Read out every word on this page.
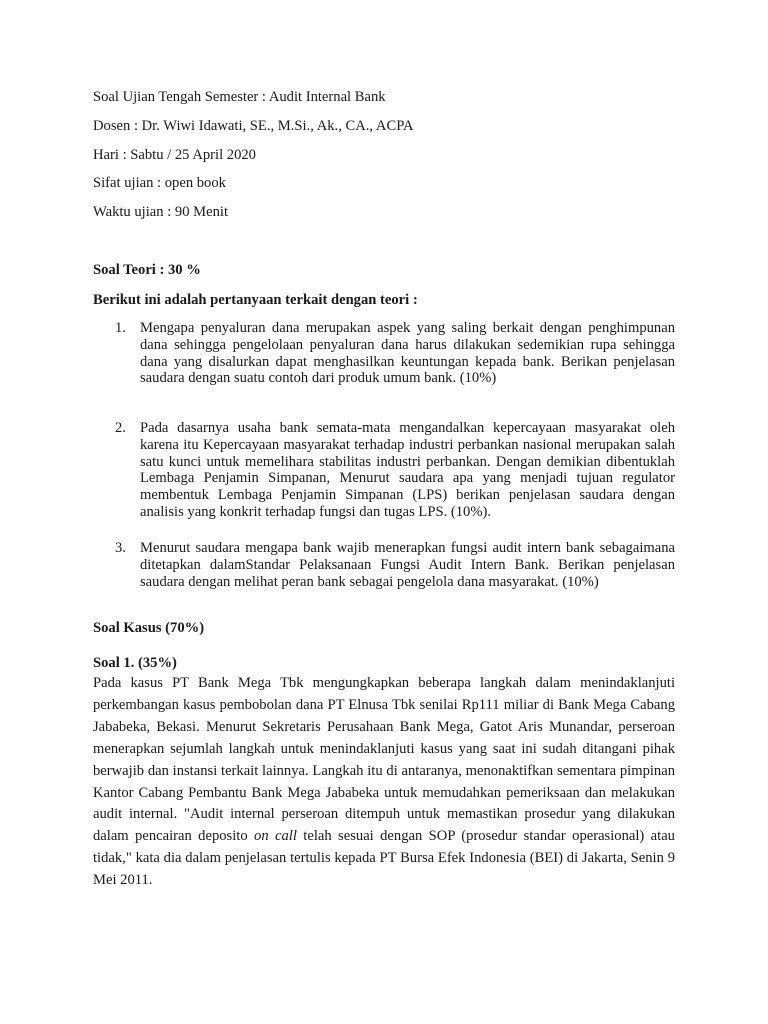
Soal Ujian Tengah Semester : Audit Internal Bank
Dosen : Dr. Wiwi Idawati, SE., M.Si., Ak., CA., ACPA
Hari : Sabtu / 25 April 2020
Sifat ujian : open book
Waktu ujian : 90 Menit
Soal Teori : 30 %
Berikut ini adalah pertanyaan terkait dengan teori :
1. Mengapa penyaluran dana merupakan aspek yang saling berkait dengan penghimpunan dana sehingga pengelolaan penyaluran dana harus dilakukan sedemikian rupa sehingga dana yang disalurkan dapat menghasilkan keuntungan kepada bank. Berikan penjelasan saudara dengan suatu contoh dari produk umum bank. (10%)

2. Pada dasarnya usaha bank semata-mata mengandalkan kepercayaan masyarakat oleh karena itu Kepercayaan masyarakat terhadap industri perbankan nasional merupakan salah satu kunci untuk memelihara stabilitas industri perbankan. Dengan demikian dibentuklah Lembaga Penjamin Simpanan, Menurut saudara apa yang menjadi tujuan regulator membentuk Lembaga Penjamin Simpanan (LPS) berikan penjelasan saudara dengan analisis yang konkrit terhadap fungsi dan tugas LPS. (10%).

3. Menurut saudara mengapa bank wajib menerapkan fungsi audit intern bank sebagaimana ditetapkan dalamStandar Pelaksanaan Fungsi Audit Intern Bank. Berikan penjelasan saudara dengan melihat peran bank sebagai pengelola dana masyarakat. (10%)

Soal Kasus (70%)
Soal 1. (35%)

Pada kasus PT Bank Mega Tbk mengungkapkan beberapa langkah dalam menindaklanjuti perkembangan kasus pembobolan dana PT Elnusa Tbk senilai Rp111 miliar di Bank Mega Cabang Jababeka, Bekasi. Menurut Sekretaris Perusahaan Bank Mega, Gatot Aris Munandar, perseroan menerapkan sejumlah langkah untuk menindaklanjuti kasus yang saat ini sudah ditangani pihak berwajib dan instansi terkait lainnya. Langkah itu di antaranya, menonaktifkan sementara pimpinan Kantor Cabang Pembantu Bank Mega Jababeka untuk memudahkan pemeriksaan dan melakukan audit internal. "Audit internal perseroan ditempuh untuk memastikan prosedur yang dilakukan dalam pencairan deposito on call telah sesuai dengan SOP (prosedur standar operasional) atau tidak," kata dia dalam penjelasan tertulis kepada PT Bursa Efek Indonesia (BEI) di Jakarta, Senin 9 Mei 2011.
